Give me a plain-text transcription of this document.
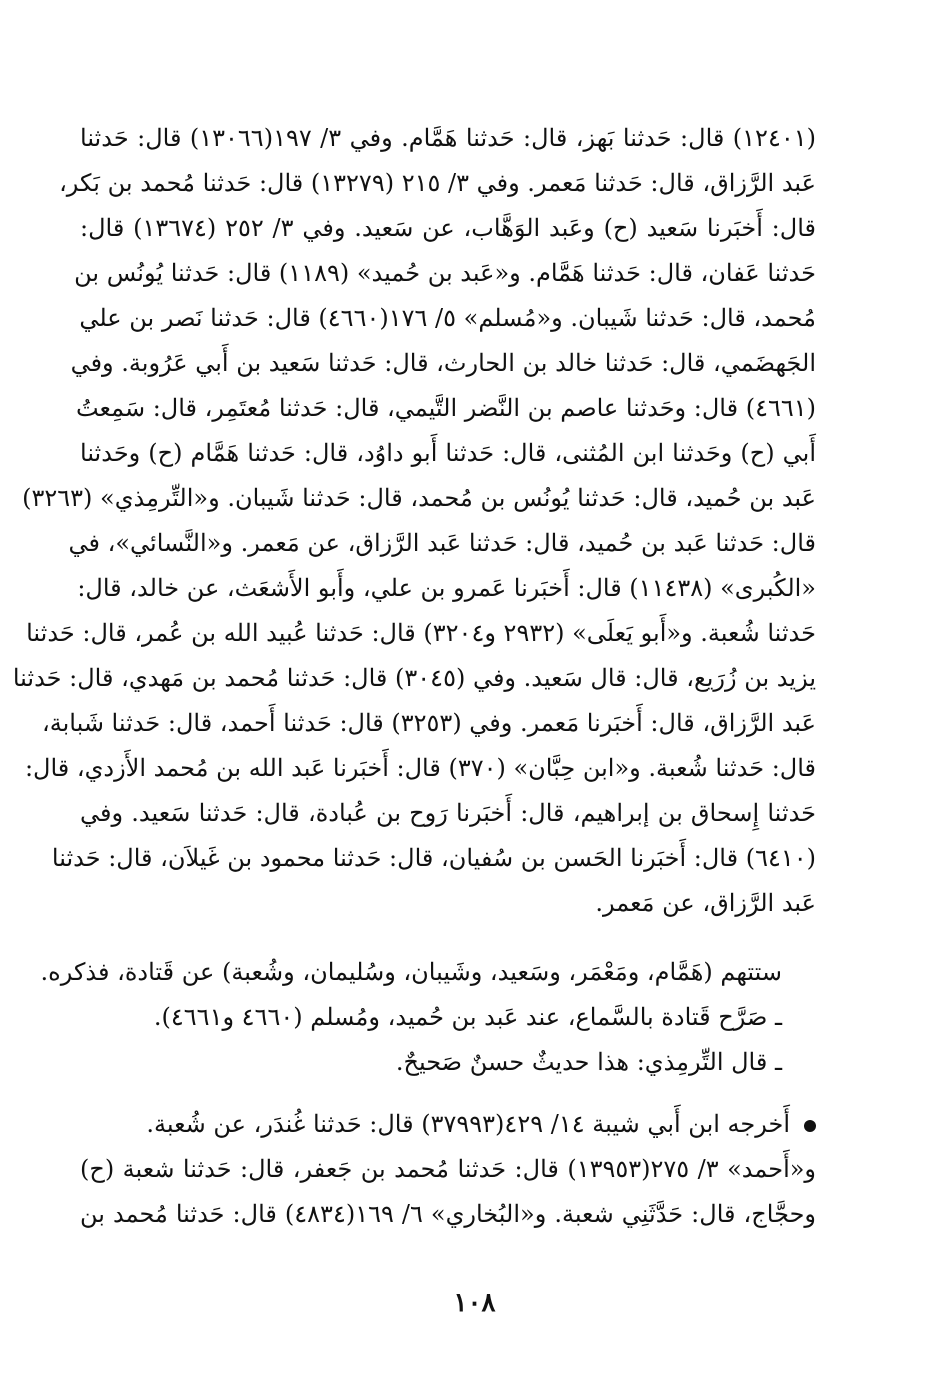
(١٢٤٠١) قال: حَدثنا بَهز، قال: حَدثنا هَمَّام. وفي ٣/ ١٩٧(١٣٠٦٦) قال: حَدثنا
عَبد الرَّزاق، قال: حَدثنا مَعمر. وفي ٣/ ٢١٥ (١٣٢٧٩) قال: حَدثنا مُحمد بن بَكر،
قال: أَخبَرنا سَعيد (ح) وعَبد الوَهَّاب، عن سَعيد. وفي ٣/ ٢٥٢ (١٣٦٧٤) قال:
حَدثنا عَفان، قال: حَدثنا هَمَّام. و«عَبد بن حُميد» (١١٨٩) قال: حَدثنا يُونُس بن
مُحمد، قال: حَدثنا شَيبان. و«مُسلم» ٥/ ١٧٦(٤٦٦٠) قال: حَدثنا نَصر بن علي
الجَهضَمي، قال: حَدثنا خالد بن الحارث، قال: حَدثنا سَعيد بن أَبي عَرُوبة. وفي
(٤٦٦١) قال: وحَدثنا عاصم بن النَّضر التَّيمي، قال: حَدثنا مُعتَمِر، قال: سَمِعتُ
أَبي (ح) وحَدثنا ابن المُثنى، قال: حَدثنا أَبو داوُد، قال: حَدثنا هَمَّام (ح) وحَدثنا
عَبد بن حُميد، قال: حَدثنا يُونُس بن مُحمد، قال: حَدثنا شَيبان. و«التِّرمِذي» (٣٢٦٣)
قال: حَدثنا عَبد بن حُميد، قال: حَدثنا عَبد الرَّزاق، عن مَعمر. و«النَّسائي»، في
«الكُبرى» (١١٤٣٨) قال: أَخبَرنا عَمرو بن علي، وأَبو الأَشعَث، عن خالد، قال:
حَدثنا شُعبة. و«أَبو يَعلَى» (٢٩٣٢ و٣٢٠٤) قال: حَدثنا عُبيد الله بن عُمر، قال: حَدثنا
يزيد بن زُرَيع، قال: قال سَعيد. وفي (٣٠٤٥) قال: حَدثنا مُحمد بن مَهدي، قال: حَدثنا
عَبد الرَّزاق، قال: أَخبَرنا مَعمر. وفي (٣٢٥٣) قال: حَدثنا أَحمد، قال: حَدثنا شَبابة،
قال: حَدثنا شُعبة. و«ابن حِبَّان» (٣٧٠) قال: أَخبَرنا عَبد الله بن مُحمد الأَزدي، قال:
حَدثنا إِسحاق بن إبراهيم، قال: أَخبَرنا رَوح بن عُبادة، قال: حَدثنا سَعيد. وفي
(٦٤١٠) قال: أَخبَرنا الحَسن بن سُفيان، قال: حَدثنا محمود بن غَيلاَن، قال: حَدثنا
عَبد الرَّزاق، عن مَعمر.
ستتهم (هَمَّام، ومَعْمَر، وسَعيد، وشَيبان، وسُليمان، وشُعبة) عن قَتادة، فذكره.
ـ صَرَّح قَتادة بالسَّماع، عند عَبد بن حُميد، ومُسلم (٤٦٦٠ و٤٦٦١).
ـ قال التِّرمِذي: هذا حديثٌ حسنٌ صَحيحٌ.
أَخرجه ابن أَبي شيبة ١٤/ ٤٢٩(٣٧٩٩٣) قال: حَدثنا غُندَر، عن شُعبة.
و«أَحمد» ٣/ ٢٧٥(١٣٩٥٣) قال: حَدثنا مُحمد بن جَعفر، قال: حَدثنا شعبة (ح)
وحجَّاج، قال: حَدَّثَنِي شعبة. و«البُخاري» ٦/ ١٦٩(٤٨٣٤) قال: حَدثنا مُحمد بن
١٠٨
